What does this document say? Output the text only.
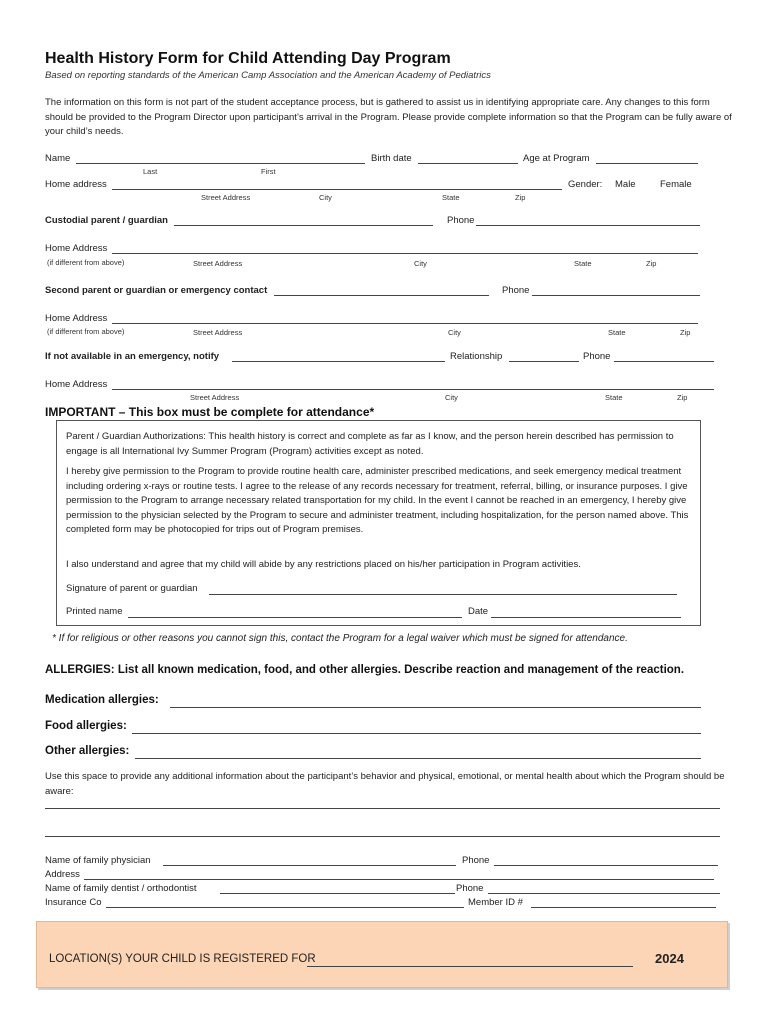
Health History Form for Child Attending Day Program
Based on reporting standards of the American Camp Association and the American Academy of Pediatrics
The information on this form is not part of the student acceptance process, but is gathered to assist us in identifying appropriate care. Any changes to this form should be provided to the Program Director upon participant’s arrival in the Program. Please provide complete information so that the Program can be fully aware of your child’s needs.
Name
Last	First
Birth date	Age at Program
Home address
Street Address	City	State	Zip
Gender: Male	Female
Custodial parent / guardian	Phone
Home Address
(if different from above)	Street Address	City	State	Zip
Second parent or guardian or emergency contact	Phone
Home Address
(if different from above)	Street Address	City	State	Zip
If not available in an emergency, notify	Relationship	Phone
Home Address
Street Address	City	State	Zip
IMPORTANT – This box must be complete for attendance*
Parent / Guardian Authorizations: This health history is correct and complete as far as I know, and the person herein described has permission to engage is all International Ivy Summer Program (Program) activities except as noted.
I hereby give permission to the Program to provide routine health care, administer prescribed medications, and seek emergency medical treatment including ordering x-rays or routine tests. I agree to the release of any records necessary for treatment, referral, billing, or insurance purposes. I give permission to the Program to arrange necessary related transportation for my child. In the event I cannot be reached in an emergency, I hereby give permission to the physician selected by the Program to secure and administer treatment, including hospitalization, for the person named above. This completed form may be photocopied for trips out of Program premises.
I also understand and agree that my child will abide by any restrictions placed on his/her participation in Program activities.
Signature of parent or guardian
Printed name	Date
* If for religious or other reasons you cannot sign this, contact the Program for a legal waiver which must be signed for attendance.
ALLERGIES: List all known medication, food, and other allergies. Describe reaction and management of the reaction.
Medication allergies:
Food allergies:
Other allergies:
Use this space to provide any additional information about the participant’s behavior and physical, emotional, or mental health about which the Program should be aware:
Name of family physician	Phone
Address
Name of family dentist / orthodontist	Phone
Insurance Co	Member ID #
LOCATION(S) YOUR CHILD IS REGISTERED FOR	2024
